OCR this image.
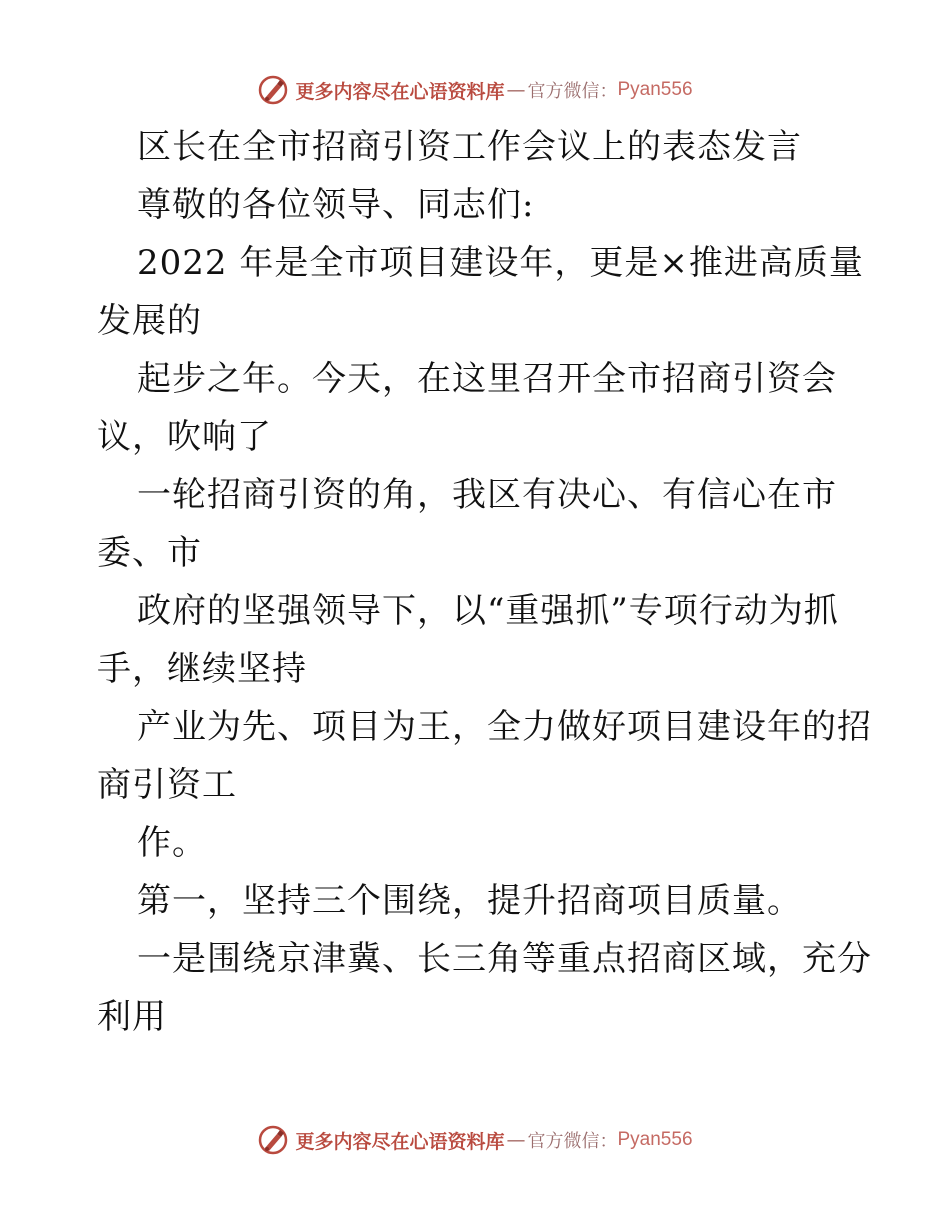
更多内容尽在心语资料库 — 官方微信： Pyan556
区长在全市招商引资工作会议上的表态发言
尊敬的各位领导、同志们:
2022 年是全市项目建设年，更是×推进高质量
发展的
起步之年。今天，在这里召开全市招商引资会
议，吹响了
一轮招商引资的角，我区有决心、有信心在市
委、市
政府的坚强领导下，以“重强抓”专项行动为抓
手，继续坚持
产业为先、项目为王，全力做好项目建设年的招
商引资工
作。
第一，坚持三个围绕，提升招商项目质量。
一是围绕京津冀、长三角等重点招商区域，充分
利用
更多内容尽在心语资料库 — 官方微信： Pyan556
